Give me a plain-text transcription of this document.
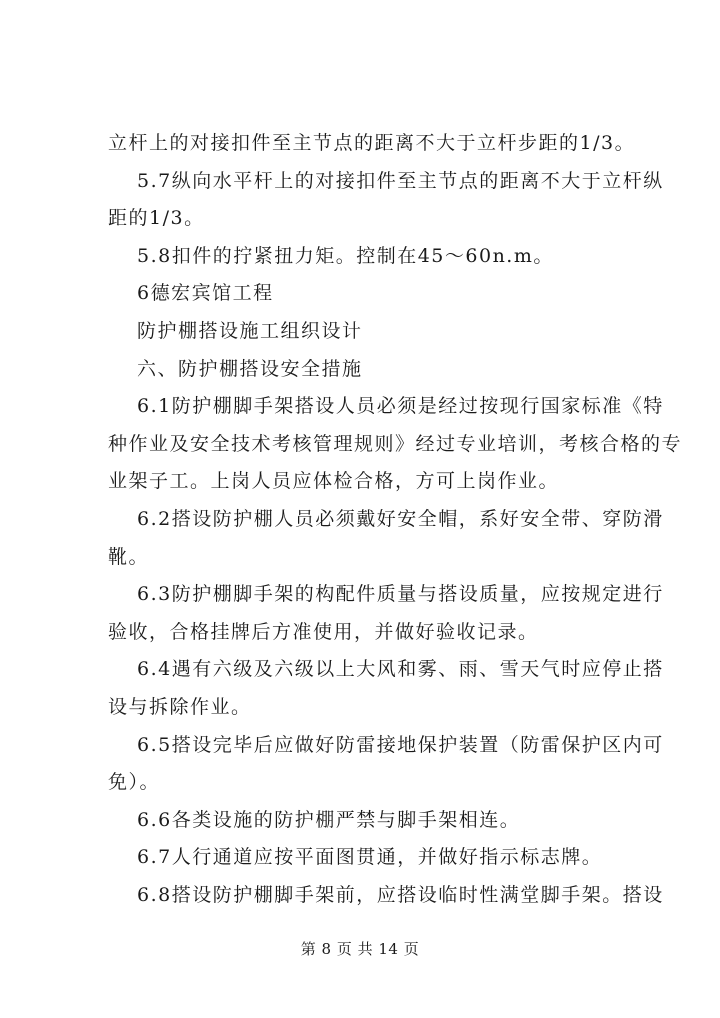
立杆上的对接扣件至主节点的距离不大于立杆步距的1/3。
5.7纵向水平杆上的对接扣件至主节点的距离不大于立杆纵
距的1/3。
5.8扣件的拧紧扭力矩。控制在45～60n.m。
6德宏宾馆工程
防护棚搭设施工组织设计
六、防护棚搭设安全措施
6.1防护棚脚手架搭设人员必须是经过按现行国家标准《特
种作业及安全技术考核管理规则》经过专业培训，考核合格的专
业架子工。上岗人员应体检合格，方可上岗作业。
6.2搭设防护棚人员必须戴好安全帽，系好安全带、穿防滑
靴。
6.3防护棚脚手架的构配件质量与搭设质量，应按规定进行
验收，合格挂牌后方准使用，并做好验收记录。
6.4遇有六级及六级以上大风和雾、雨、雪天气时应停止搭
设与拆除作业。
6.5搭设完毕后应做好防雷接地保护装置（防雷保护区内可
免）。
6.6各类设施的防护棚严禁与脚手架相连。
6.7人行通道应按平面图贯通，并做好指示标志牌。
6.8搭设防护棚脚手架前，应搭设临时性满堂脚手架。搭设
第 8 页 共 14 页
